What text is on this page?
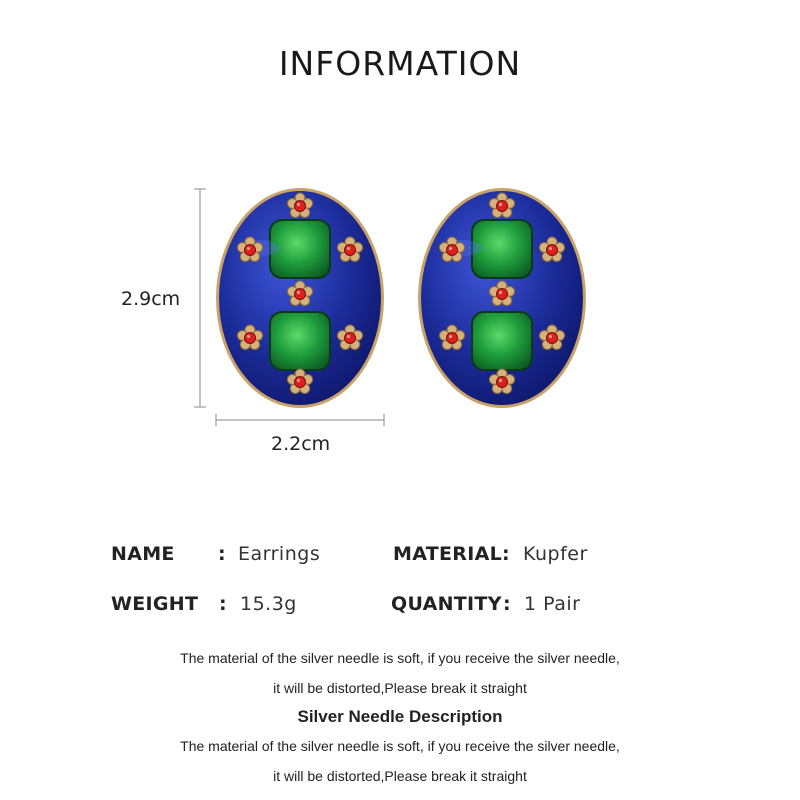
INFORMATION
2.9cm
2.2cm
NAME : Earrings	MATERIAL : Kupfer
WEIGHT : 15.3g	QUANTITY : 1 Pair
The material of the silver needle is soft, if you receive the silver needle,
it will be distorted,Please break it straight
Silver Needle Description
The material of the silver needle is soft, if you receive the silver needle,
it will be distorted,Please break it straight
